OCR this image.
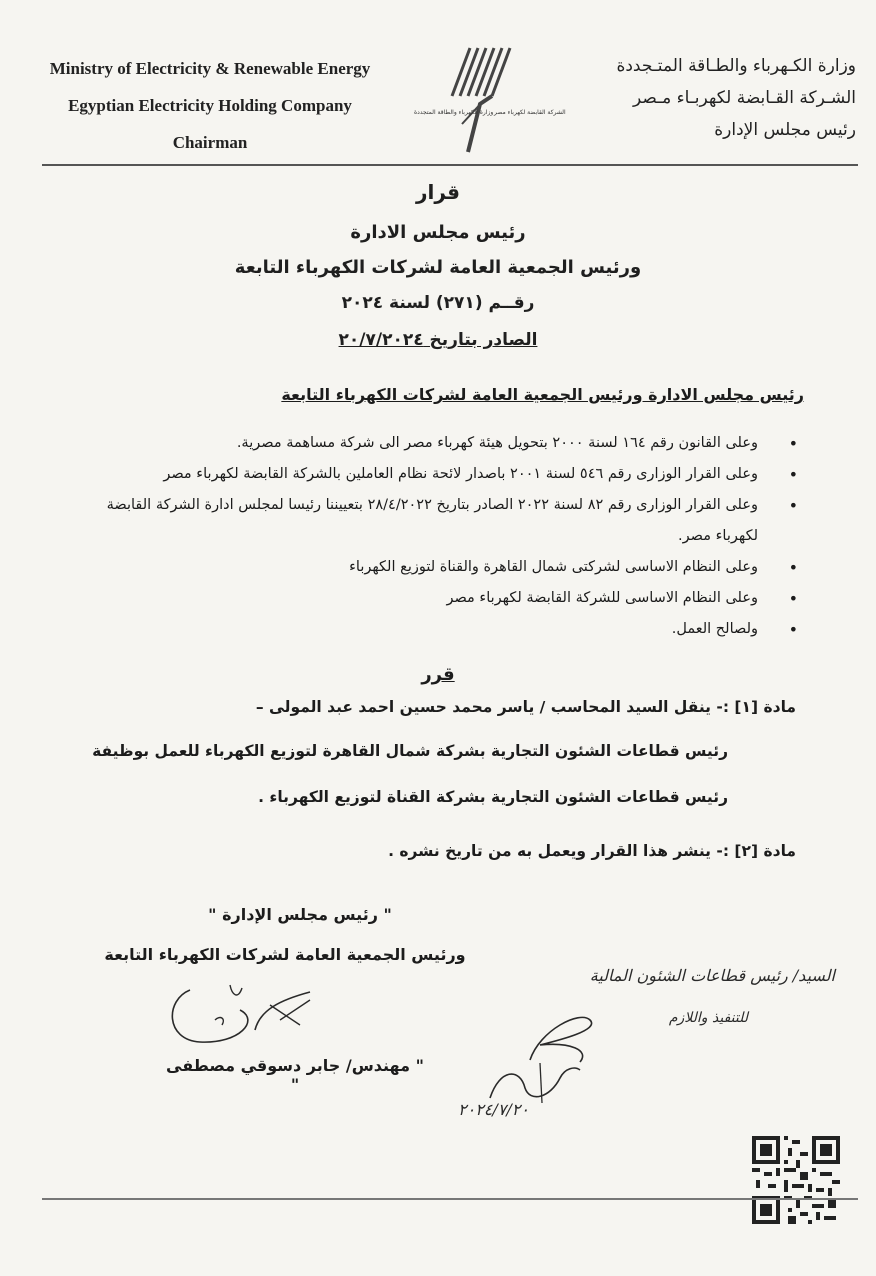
Ministry of Electricity & Renewable Energy
Egyptian Electricity Holding Company
Chairman
وزارة الكهرباء والطاقة المتجددة الشركة القابضة لكهرباء مصر
وزارة الكـهرباء والطـاقة المتـجددة
الشـركة القـابضة لكهربـاء مـصر
رئيس مجلس الإدارة
قرار
رئيس مجلس الادارة
ورئيس الجمعية العامة لشركات الكهرباء التابعة
رقــم (٢٧١) لسنة ٢٠٢٤
الصادر بتاريخ ٢٠/٧/٢٠٢٤
رئيس مجلس الادارة ورئيس الجمعية العامة لشركات الكهرباء التابعة
• وعلى القانون رقم ١٦٤ لسنة ٢٠٠٠ بتحويل هيئة كهرباء مصر الى شركة مساهمة مصرية.
• وعلى القرار الوزارى رقم ٥٤٦ لسنة ٢٠٠١ باصدار لائحة نظام العاملين بالشركة القابضة لكهرباء مصر
• وعلى القرار الوزارى رقم ٨٢ لسنة ٢٠٢٢ الصادر بتاريخ ٢٨/٤/٢٠٢٢ بتعييننا رئيسا لمجلس ادارة الشركة القابضة لكهرباء مصر.
• وعلى النظام الاساسى لشركتى شمال القاهرة والقناة لتوزيع الكهرباء
• وعلى النظام الاساسى للشركة القابضة لكهرباء مصر
• ولصالح العمل.
قرر
مادة [١] :- ينقل السيد المحاسب / ياسر محمد حسين احمد عبد المولى –
رئيس قطاعات الشئون التجارية بشركة شمال القاهرة لتوزيع الكهرباء للعمل بوظيفة
رئيس قطاعات الشئون التجارية بشركة القناة لتوزيع الكهرباء .
مادة [٢] :- ينشر هذا القرار ويعمل به من تاريخ نشره .
" رئيس مجلس الإدارة "
ورئيس الجمعية العامة لشركات الكهرباء التابعة
" مهندس/ جابر دسوقي مصطفى "
السيد/ رئيس قطاعات الشئون المالية
للتنفيذ واللازم
٢٠٢٤/٧/٢٠
